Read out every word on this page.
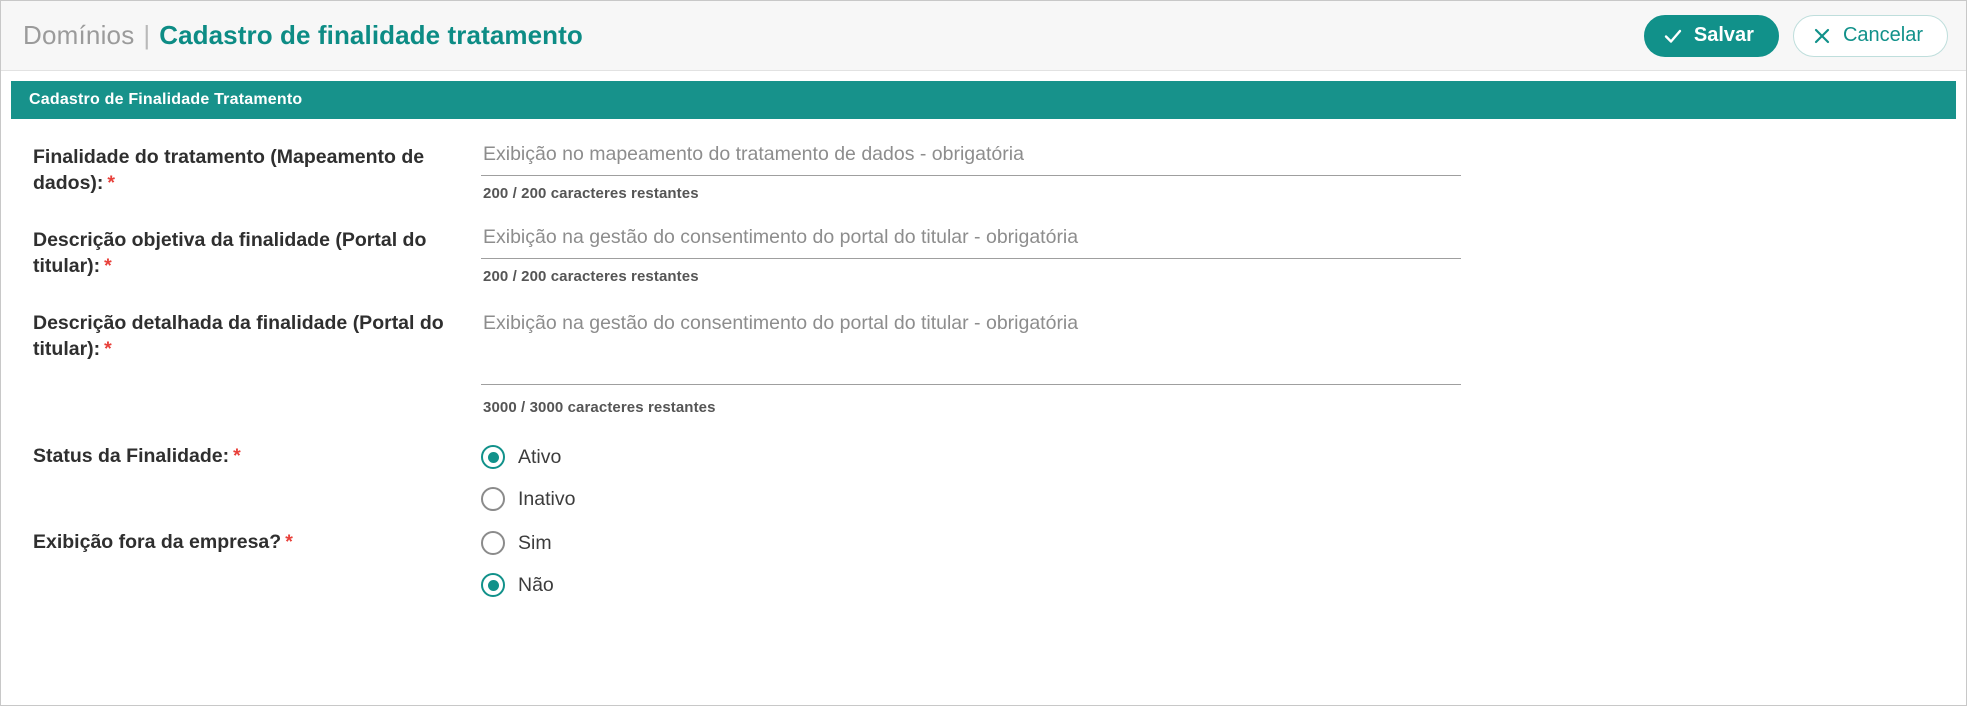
Domínios | Cadastro de finalidade tratamento	Salvar	Cancelar
Cadastro de Finalidade Tratamento
Finalidade do tratamento (Mapeamento de dados): *
Exibição no mapeamento do tratamento de dados - obrigatória	200 / 200 caracteres restantes
Descrição objetiva da finalidade (Portal do titular): *
Exibição na gestão do consentimento do portal do titular - obrigatória	200 / 200 caracteres restantes
Descrição detalhada da finalidade (Portal do titular): *
Exibição na gestão do consentimento do portal do titular - obrigatória
3000 / 3000 caracteres restantes
Status da Finalidade: *	Ativo
Inativo
Exibição fora da empresa? *	Sim
Não
